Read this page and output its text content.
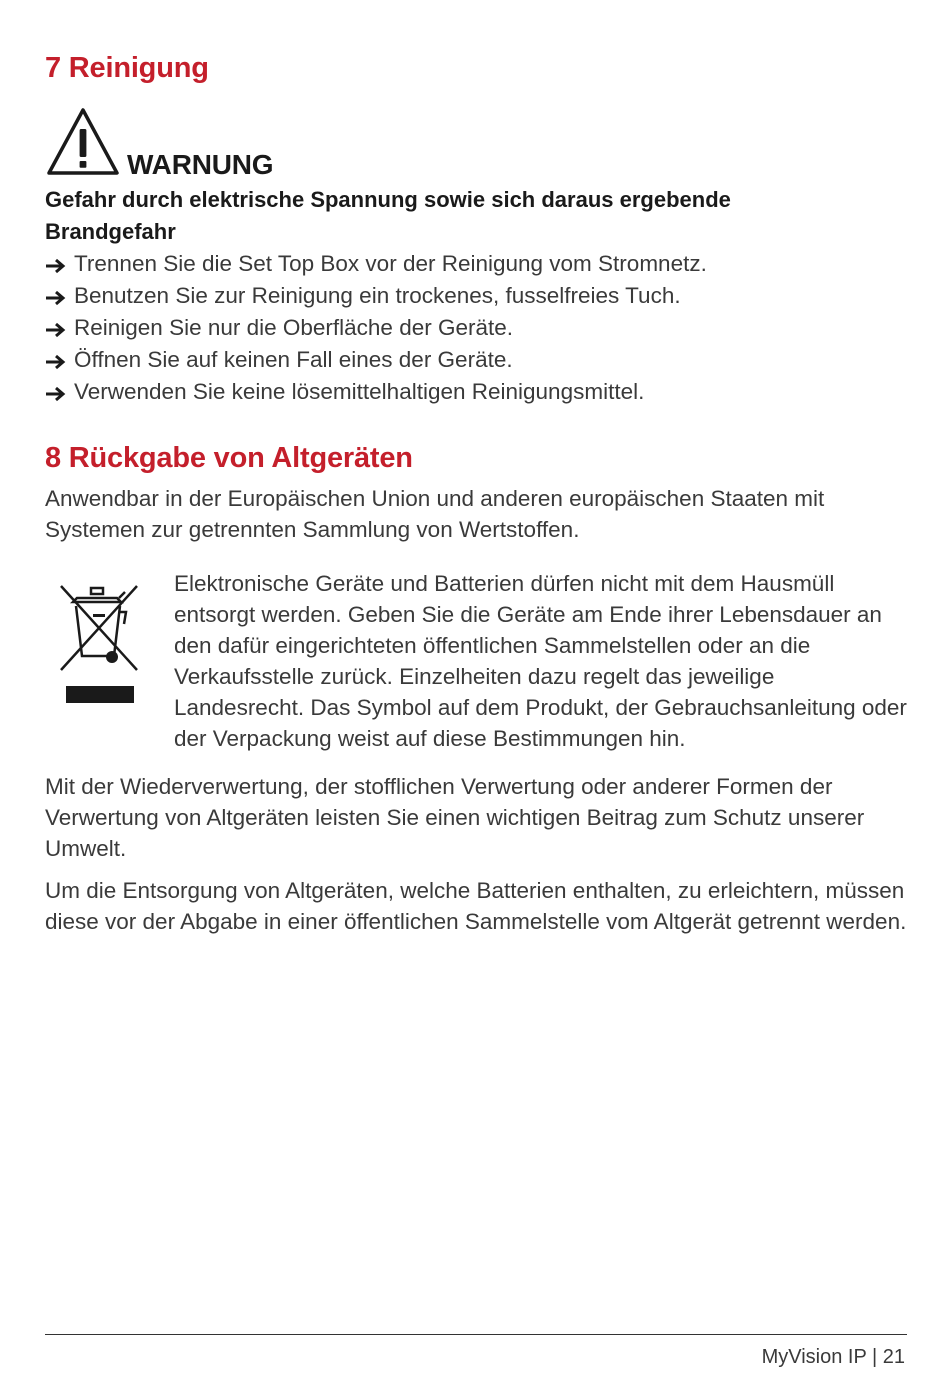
7 Reinigung
WARNUNG
Gefahr durch elektrische Spannung sowie sich daraus ergebende Brandgefahr
Trennen Sie die Set Top Box vor der Reinigung vom Stromnetz.
Benutzen Sie zur Reinigung ein trockenes, fusselfreies Tuch.
Reinigen Sie nur die Oberfläche der Geräte.
Öffnen Sie auf keinen Fall eines der Geräte.
Verwenden Sie keine lösemittelhaltigen Reinigungsmittel.
8 Rückgabe von Altgeräten

Anwendbar in der Europäischen Union und anderen europäischen Staaten mit Systemen zur getrennten Sammlung von Wertstoffen.

Elektronische Geräte und Batterien dürfen nicht mit dem Hausmüll entsorgt werden. Geben Sie die Geräte am Ende ihrer Lebensdauer an den dafür eingerichteten öffentlichen Sammelstellen oder an die Verkaufsstelle zurück. Einzelheiten dazu regelt das jeweilige Landesrecht. Das Symbol auf dem Produkt, der Gebrauchsanleitung oder der Verpackung weist auf diese Bestimmungen hin.

Mit der Wiederverwertung, der stofflichen Verwertung oder anderer Formen der Verwertung von Altgeräten leisten Sie einen wichtigen Beitrag zum Schutz unserer Umwelt.

Um die Entsorgung von Altgeräten, welche Batterien enthalten, zu erleichtern, müssen diese vor der Abgabe in einer öffentlichen Sammelstelle vom Altgerät getrennt werden.

MyVision IP | 21
